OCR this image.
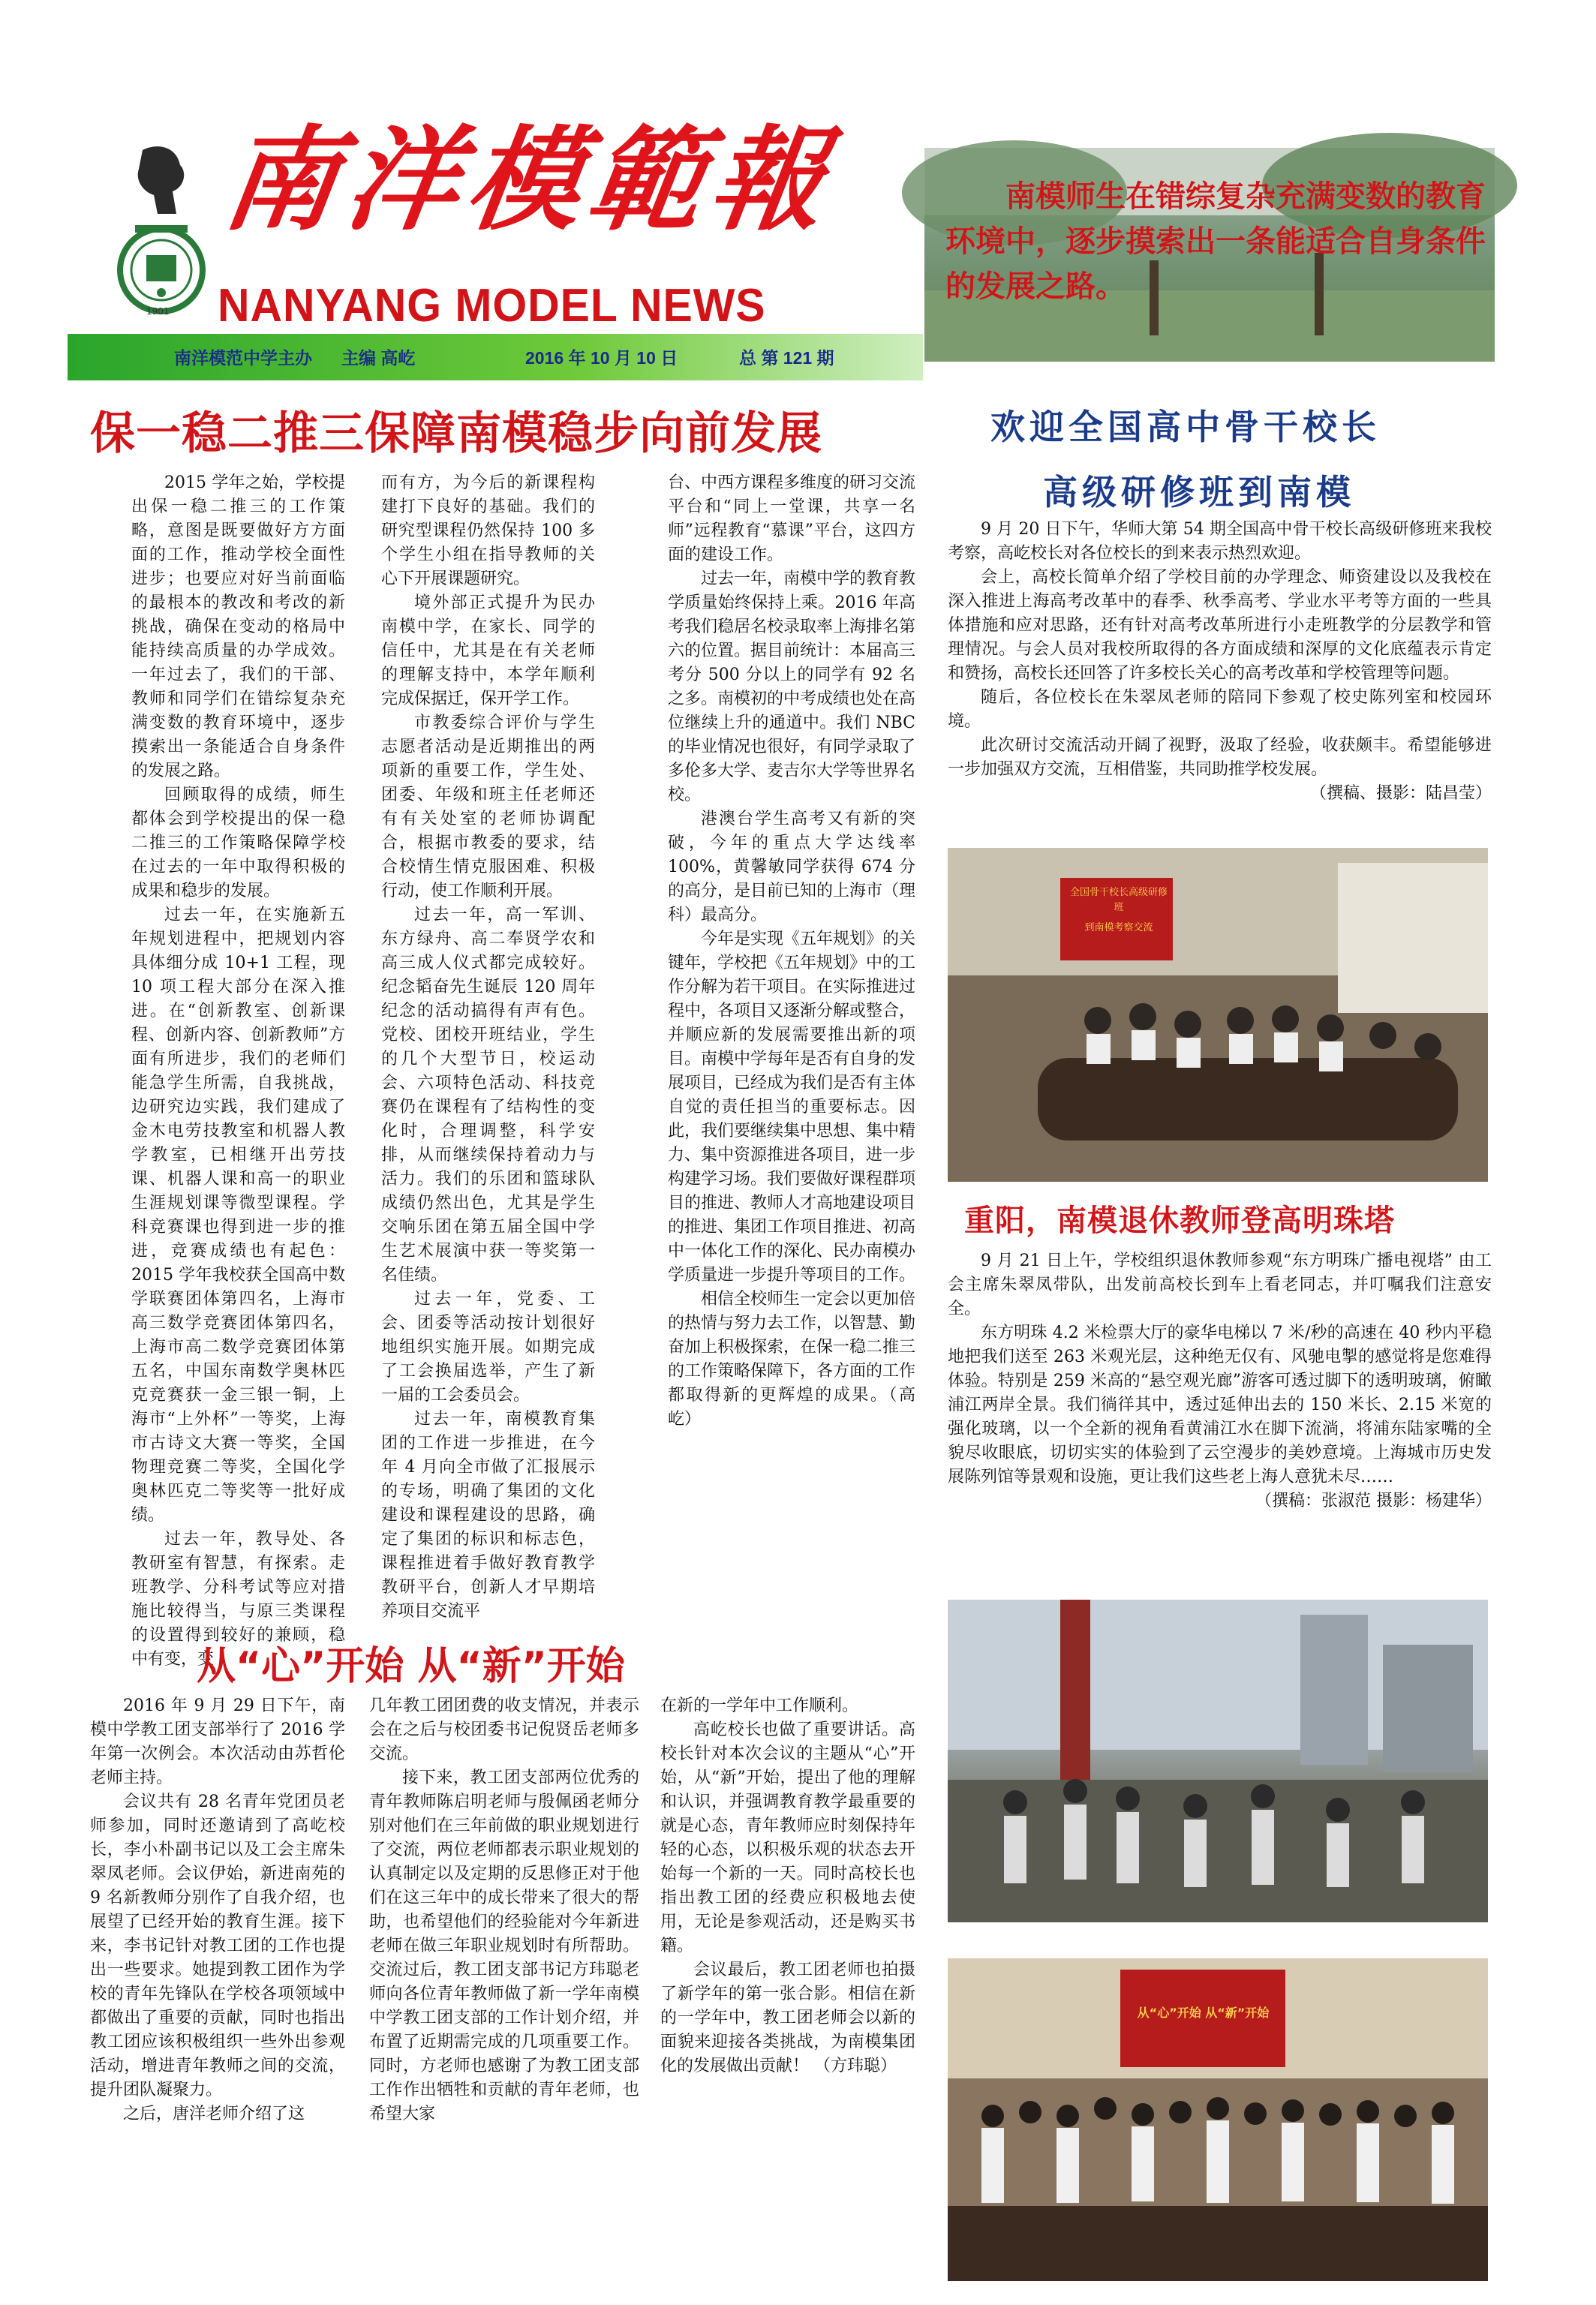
1901
南洋模範報
NANYANG MODEL NEWS
南洋模范中学主办 主编 高屹	2016 年 10 月 10 日	总 第 121 期
南模师生在错综复杂充满变数的教育环境中，逐步摸索出一条能适合自身条件的发展之路。
保一稳二推三保障南模稳步向前发展

2015 学年之始，学校提出保一稳二推三的工作策略，意图是既要做好方方面面的工作，推动学校全面性进步；也要应对好当前面临的最根本的教改和考改的新挑战，确保在变动的格局中能持续高质量的办学成效。一年过去了，我们的干部、教师和同学们在错综复杂充满变数的教育环境中，逐步摸索出一条能适合自身条件的发展之路。

回顾取得的成绩，师生都体会到学校提出的保一稳二推三的工作策略保障学校在过去的一年中取得积极的成果和稳步的发展。

过去一年，在实施新五年规划进程中，把规划内容具体细分成 10+1 工程，现 10 项工程大部分在深入推进。在“创新教室、创新课程、创新内容、创新教师”方面有所进步，我们的老师们能急学生所需，自我挑战，边研究边实践，我们建成了金木电劳技教室和机器人教学教室，已相继开出劳技课、机器人课和高一的职业生涯规划课等微型课程。学科竞赛课也得到进一步的推进，竞赛成绩也有起色：2015 学年我校获全国高中数学联赛团体第四名，上海市高三数学竞赛团体第四名，上海市高二数学竞赛团体第五名，中国东南数学奥林匹克竞赛获一金三银一铜，上海市“上外杯”一等奖，上海市古诗文大赛一等奖，全国物理竞赛二等奖，全国化学奥林匹克二等奖等一批好成绩。

过去一年，教导处、各教研室有智慧，有探索。走班教学、分科考试等应对措施比较得当，与原三类课程的设置得到较好的兼顾，稳中有变，变

而有方，为今后的新课程构建打下良好的基础。我们的研究型课程仍然保持 100 多个学生小组在指导教师的关心下开展课题研究。

境外部正式提升为民办南模中学，在家长、同学的信任中，尤其是在有关老师的理解支持中，本学年顺利完成保据迁，保开学工作。

市教委综合评价与学生志愿者活动是近期推出的两项新的重要工作，学生处、团委、年级和班主任老师还有有关处室的老师协调配合，根据市教委的要求，结合校情生情克服困难、积极行动，使工作顺利开展。

过去一年，高一军训、东方绿舟、高二奉贤学农和高三成人仪式都完成较好。纪念韬奋先生诞辰 120 周年纪念的活动搞得有声有色。党校、团校开班结业，学生的几个大型节日，校运动会、六项特色活动、科技竞赛仍在课程有了结构性的变化时，合理调整，科学安排，从而继续保持着动力与活力。我们的乐团和篮球队成绩仍然出色，尤其是学生交响乐团在第五届全国中学生艺术展演中获一等奖第一名佳绩。

过去一年，党委、工会、团委等活动按计划很好地组织实施开展。如期完成了工会换届选举，产生了新一届的工会委员会。

过去一年，南模教育集团的工作进一步推进，在今年 4 月向全市做了汇报展示的专场，明确了集团的文化建设和课程建设的思路，确定了集团的标识和标志色，课程推进着手做好教育教学教研平台，创新人才早期培养项目交流平

台、中西方课程多维度的研习交流平台和“同上一堂课，共享一名师”远程教育“慕课”平台，这四方面的建设工作。

过去一年，南模中学的教育教学质量始终保持上乘。2016 年高考我们稳居名校录取率上海排名第六的位置。据目前统计：本届高三考分 500 分以上的同学有 92 名之多。南模初的中考成绩也处在高位继续上升的通道中。我们 NBC 的毕业情况也很好，有同学录取了多伦多大学、麦吉尔大学等世界名校。

港澳台学生高考又有新的突破，今年的重点大学达线率 100%，黄馨敏同学获得 674 分的高分，是目前已知的上海市（理科）最高分。

今年是实现《五年规划》的关键年，学校把《五年规划》中的工作分解为若干项目。在实际推进过程中，各项目又逐渐分解或整合，并顺应新的发展需要推出新的项目。南模中学每年是否有自身的发展项目，已经成为我们是否有主体自觉的责任担当的重要标志。因此，我们要继续集中思想、集中精力、集中资源推进各项目，进一步构建学习场。我们要做好课程群项目的推进、教师人才高地建设项目的推进、集团工作项目推进、初高中一体化工作的深化、民办南模办学质量进一步提升等项目的工作。

相信全校师生一定会以更加倍的热情与努力去工作，以智慧、勤奋加上积极探索，在保一稳二推三的工作策略保障下，各方面的工作都取得新的更辉煌的成果。（高 屹）

从“心”开始 从“新”开始

2016 年 9 月 29 日下午，南模中学教工团支部举行了 2016 学年第一次例会。本次活动由苏哲伦老师主持。

会议共有 28 名青年党团员老师参加，同时还邀请到了高屹校长，李小朴副书记以及工会主席朱翠凤老师。会议伊始，新进南苑的 9 名新教师分别作了自我介绍，也展望了已经开始的教育生涯。接下来，李书记针对教工团的工作也提出一些要求。她提到教工团作为学校的青年先锋队在学校各项领域中都做出了重要的贡献，同时也指出教工团应该积极组织一些外出参观活动，增进青年教师之间的交流，提升团队凝聚力。

之后，唐洋老师介绍了这

几年教工团团费的收支情况，并表示会在之后与校团委书记倪贤岳老师多交流。

接下来，教工团支部两位优秀的青年教师陈启明老师与殷佩函老师分别对他们在三年前做的职业规划进行了交流，两位老师都表示职业规划的认真制定以及定期的反思修正对于他们在这三年中的成长带来了很大的帮助，也希望他们的经验能对今年新进老师在做三年职业规划时有所帮助。交流过后，教工团支部书记方玮聪老师向各位青年教师做了新一学年南模中学教工团支部的工作计划介绍，并布置了近期需完成的几项重要工作。同时，方老师也感谢了为教工团支部工作作出牺牲和贡献的青年老师，也希望大家

在新的一学年中工作顺利。

高屹校长也做了重要讲话。高校长针对本次会议的主题从“心”开始，从“新”开始，提出了他的理解和认识，并强调教育教学最重要的就是心态，青年教师应时刻保持年轻的心态，以积极乐观的状态去开始每一个新的一天。同时高校长也指出教工团的经费应积极地去使用，无论是参观活动，还是购买书籍。

会议最后，教工团老师也拍摄了新学年的第一张合影。相信在新的一学年中，教工团老师会以新的面貌来迎接各类挑战，为南模集团化的发展做出贡献！ （方玮聪）

欢迎全国高中骨干校长
高级研修班到南模

9 月 20 日下午，华师大第 54 期全国高中骨干校长高级研修班来我校考察，高屹校长对各位校长的到来表示热烈欢迎。

会上，高校长简单介绍了学校目前的办学理念、师资建设以及我校在深入推进上海高考改革中的春季、秋季高考、学业水平考等方面的一些具体措施和应对思路，还有针对高考改革所进行小走班教学的分层教学和管理情况。与会人员对我校所取得的各方面成绩和深厚的文化底蕴表示肯定和赞扬，高校长还回答了许多校长关心的高考改革和学校管理等问题。

随后，各位校长在朱翠凤老师的陪同下参观了校史陈列室和校园环境。

此次研讨交流活动开阔了视野，汲取了经验，收获颇丰。希望能够进一步加强双方交流，互相借鉴，共同助推学校发展。

（撰稿、摄影：陆昌莹）

全国骨干校长高级研修班
到南模考察交流
重阳，南模退休教师登高明珠塔

9 月 21 日上午，学校组织退休教师参观“东方明珠广播电视塔” 由工会主席朱翠凤带队，出发前高校长到车上看老同志，并叮嘱我们注意安全。

东方明珠 4.2 米检票大厅的豪华电梯以 7 米/秒的高速在 40 秒内平稳地把我们送至 263 米观光层，这种绝无仅有、风驰电掣的感觉将是您难得体验。特别是 259 米高的“悬空观光廊”游客可透过脚下的透明玻璃，俯瞰浦江两岸全景。我们徜徉其中，透过延伸出去的 150 米长、2.15 米宽的强化玻璃，以一个全新的视角看黄浦江水在脚下流淌，将浦东陆家嘴的全貌尽收眼底，切切实实的体验到了云空漫步的美妙意境。上海城市历史发展陈列馆等景观和设施，更让我们这些老上海人意犹未尽……

（撰稿：张淑范 摄影：杨建华）

从“心”开始 从“新”开始
